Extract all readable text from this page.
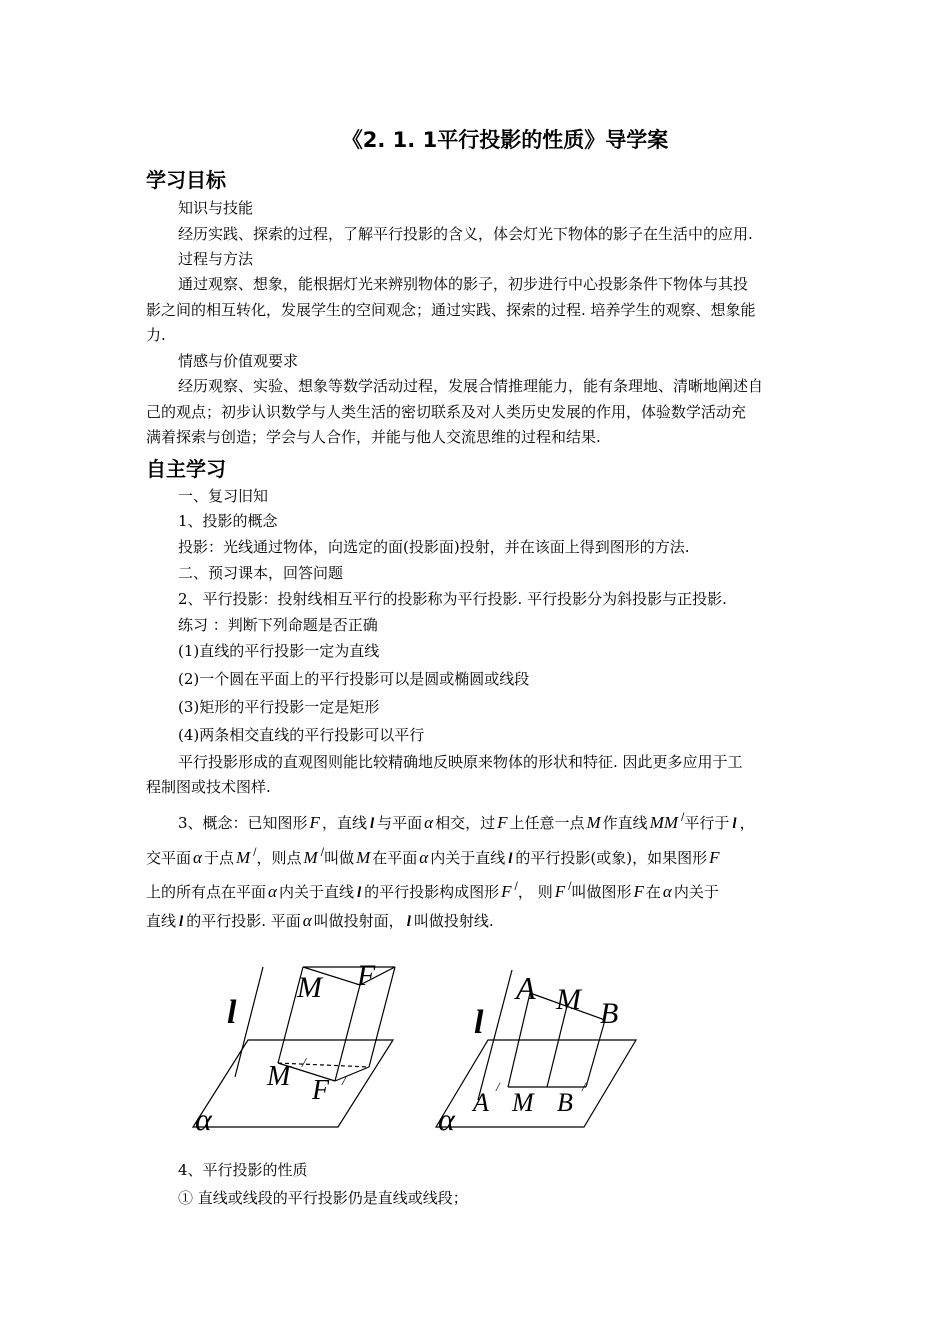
《2. 1. 1平行投影的性质》导学案
学习目标
知识与技能
经历实践、探索的过程，了解平行投影的含义，体会灯光下物体的影子在生活中的应用.
过程与方法
通过观察、想象，能根据灯光来辨别物体的影子，初步进行中心投影条件下物体与其投
影之间的相互转化，发展学生的空间观念；通过实践、探索的过程. 培养学生的观察、想象能
力.
情感与价值观要求
经历观察、实验、想象等数学活动过程，发展合情推理能力，能有条理地、清晰地阐述自
己的观点；初步认识数学与人类生活的密切联系及对人类历史发展的作用，体验数学活动充
满着探索与创造；学会与人合作，并能与他人交流思维的过程和结果.
自主学习
一、复习旧知
1、投影的概念
投影：光线通过物体，向选定的面(投影面)投射，并在该面上得到图形的方法.
二、预习课本，回答问题
2、平行投影：投射线相互平行的投影称为平行投影. 平行投影分为斜投影与正投影.
练习 ：判断下列命题是否正确
(1)直线的平行投影一定为直线
(2)一个圆在平面上的平行投影可以是圆或椭圆或线段
(3)矩形的平行投影一定是矩形
(4)两条相交直线的平行投影可以平行
平行投影形成的直观图则能比较精确地反映原来物体的形状和特征. 因此更多应用于工
程制图或技术图样.
3、概念：已知图形 F ，直线 l 与平面 α 相交，过 F 上任意一点 M 作直线 MM /平行于 l ，
交平面 α 于点 M /，则点 M /叫做 M 在平面 α 内关于直线 l 的平行投影(或象)，如果图形 F
上的所有点在平面 α 内关于直线 l 的平行投影构成图形 F /， 则 F /叫做图形 F 在 α 内关于
直线 l 的平行投影. 平面 α 叫做投射面， l 叫做投射线.
l
M F
M /
F /
α
l
A M B
A
/
M B
/
α
4、平行投影的性质
① 直线或线段的平行投影仍是直线或线段；
